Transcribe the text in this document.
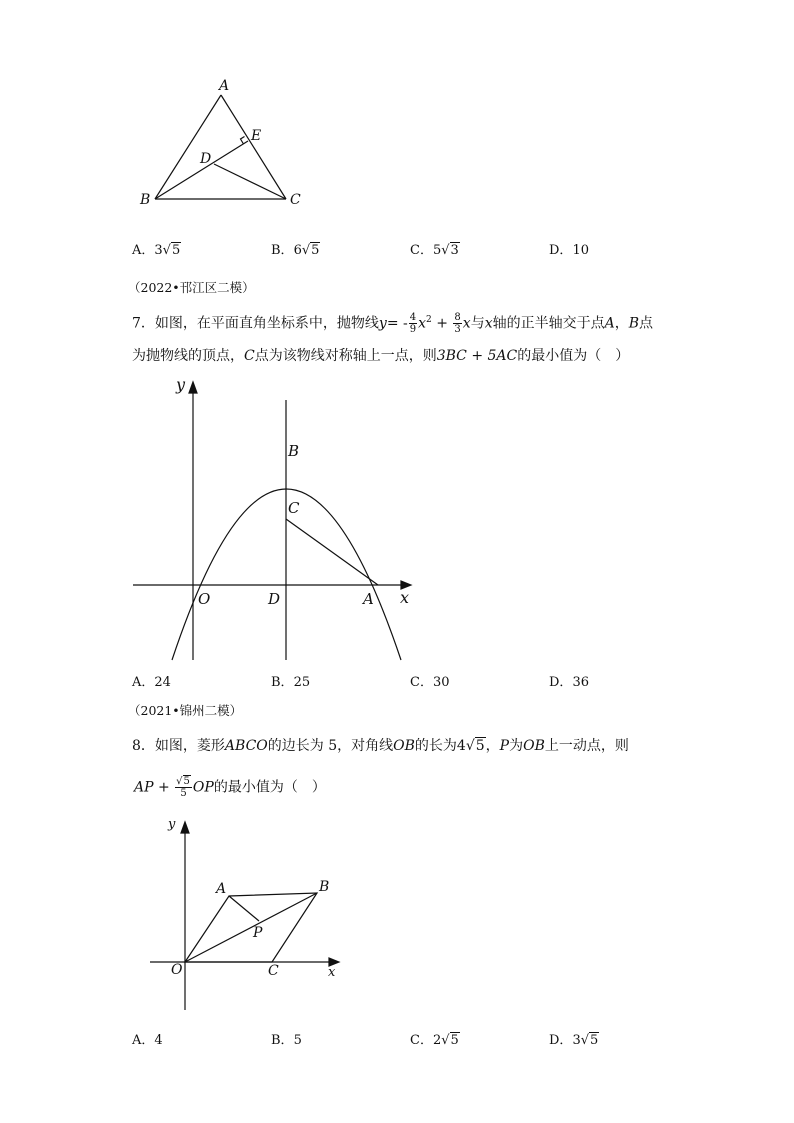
A
B	C
D
E
A．3√5	B．6√5	C．5√3	D．10
（2022•邗江区二模）
7．如图，在平面直角坐标系中，抛物线$y= - \frac{4}{9} x^2 + \frac{8}{3}$ x与x轴的正半轴交于点A，B点
为抛物线的顶点，C点为该物线对称轴上一点，则3BC + 5AC的最小值为（　）
y
x
O	D	A
B
C
A．24	B．25	C．30	D．36
（2021•锦州二模）
8．如图，菱形ABCO的边长为 5，对角线OB的长为4√5，P为OB上一动点，则
AP + $\frac{√5}{5}$ OP的最小值为（　）
y
x
O
A	B
C
P
A．4	B．5	C．2√5	D．3√5
